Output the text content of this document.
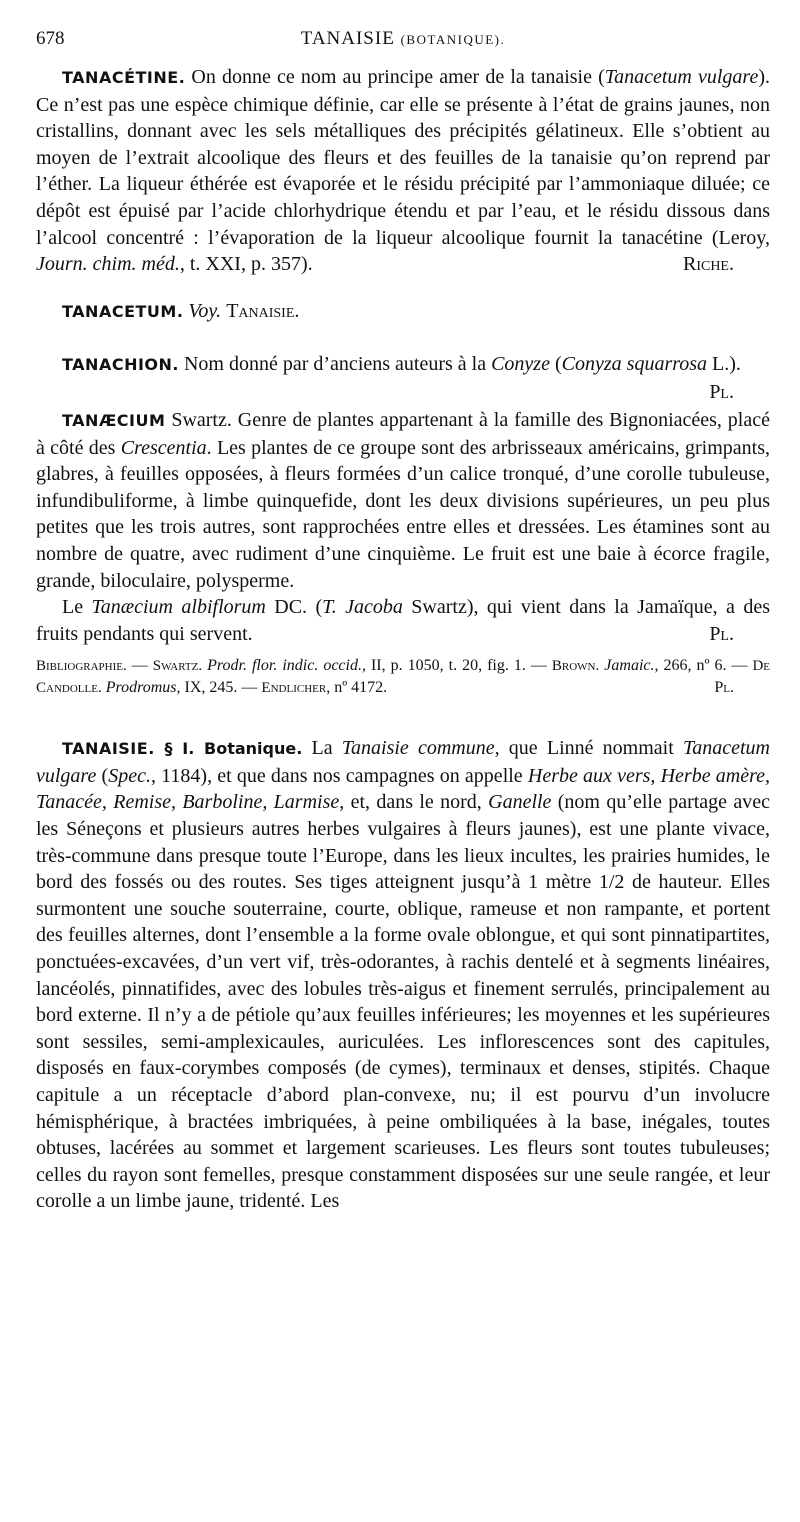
678	TANAISIE (BOTANIQUE).

TANACÉTINE. On donne ce nom au principe amer de la tanaisie (Tanacetum vulgare). Ce n’est pas une espèce chimique définie, car elle se présente à l’état de grains jaunes, non cristallins, donnant avec les sels métalliques des précipités gélatineux. Elle s’obtient au moyen de l’extrait alcoolique des fleurs et des feuilles de la tanaisie qu’on reprend par l’éther. La liqueur éthérée est évaporée et le résidu précipité par l’ammoniaque diluée; ce dépôt est épuisé par l’acide chlorhydrique étendu et par l’eau, et le résidu dissous dans l’alcool concentré : l’évaporation de la liqueur alcoolique fournit la tanacétine (Leroy, Journ. chim. méd., t. XXI, p. 357).	Riche.

TANACETUM. Voy. Tanaisie.

TANACHION. Nom donné par d’anciens auteurs à la Conyze (Conyza squarrosa L.).
Pl.

TANÆCIUM Swartz. Genre de plantes appartenant à la famille des Bignoniacées, placé à côté des Crescentia. Les plantes de ce groupe sont des arbrisseaux américains, grimpants, glabres, à feuilles opposées, à fleurs formées d’un calice tronqué, d’une corolle tubuleuse, infundibuliforme, à limbe quinquefide, dont les deux divisions supérieures, un peu plus petites que les trois autres, sont rapprochées entre elles et dressées. Les étamines sont au nombre de quatre, avec rudiment d’une cinquième. Le fruit est une baie à écorce fragile, grande, biloculaire, polysperme.

Le Tanæcium albiflorum DC. (T. Jacoba Swartz), qui vient dans la Jamaïque, a des fruits pendants qui servent.	Pl.

Bibliographie. — Swartz. Prodr. flor. indic. occid., II, p. 1050, t. 20, fig. 1. — Brown. Jamaic., 266, nº 6. — De Candolle. Prodromus, IX, 245. — Endlicher, nº 4172.	Pl.

TANAISIE. § I. Botanique. La Tanaisie commune, que Linné nommait Tanacetum vulgare (Spec., 1184), et que dans nos campagnes on appelle Herbe aux vers, Herbe amère, Tanacée, Remise, Barboline, Larmise, et, dans le nord, Ganelle (nom qu’elle partage avec les Séneçons et plusieurs autres herbes vulgaires à fleurs jaunes), est une plante vivace, très-commune dans presque toute l’Europe, dans les lieux incultes, les prairies humides, le bord des fossés ou des routes. Ses tiges atteignent jusqu’à 1 mètre 1/2 de hauteur. Elles surmontent une souche souterraine, courte, oblique, rameuse et non rampante, et portent des feuilles alternes, dont l’ensemble a la forme ovale oblongue, et qui sont pinnatipartites, ponctuées-excavées, d’un vert vif, très-odorantes, à rachis dentelé et à segments linéaires, lancéolés, pinnatifides, avec des lobules très-aigus et finement serrulés, principalement au bord externe. Il n’y a de pétiole qu’aux feuilles inférieures; les moyennes et les supérieures sont sessiles, semi-amplexicaules, auriculées. Les inflorescences sont des capitules, disposés en faux-corymbes composés (de cymes), terminaux et denses, stipités. Chaque capitule a un réceptacle d’abord plan-convexe, nu; il est pourvu d’un involucre hémisphérique, à bractées imbriquées, à peine ombiliquées à la base, inégales, toutes obtuses, lacérées au sommet et largement scarieuses. Les fleurs sont toutes tubuleuses; celles du rayon sont femelles, presque constamment disposées sur une seule rangée, et leur corolle a un limbe jaune, tridenté. Les
